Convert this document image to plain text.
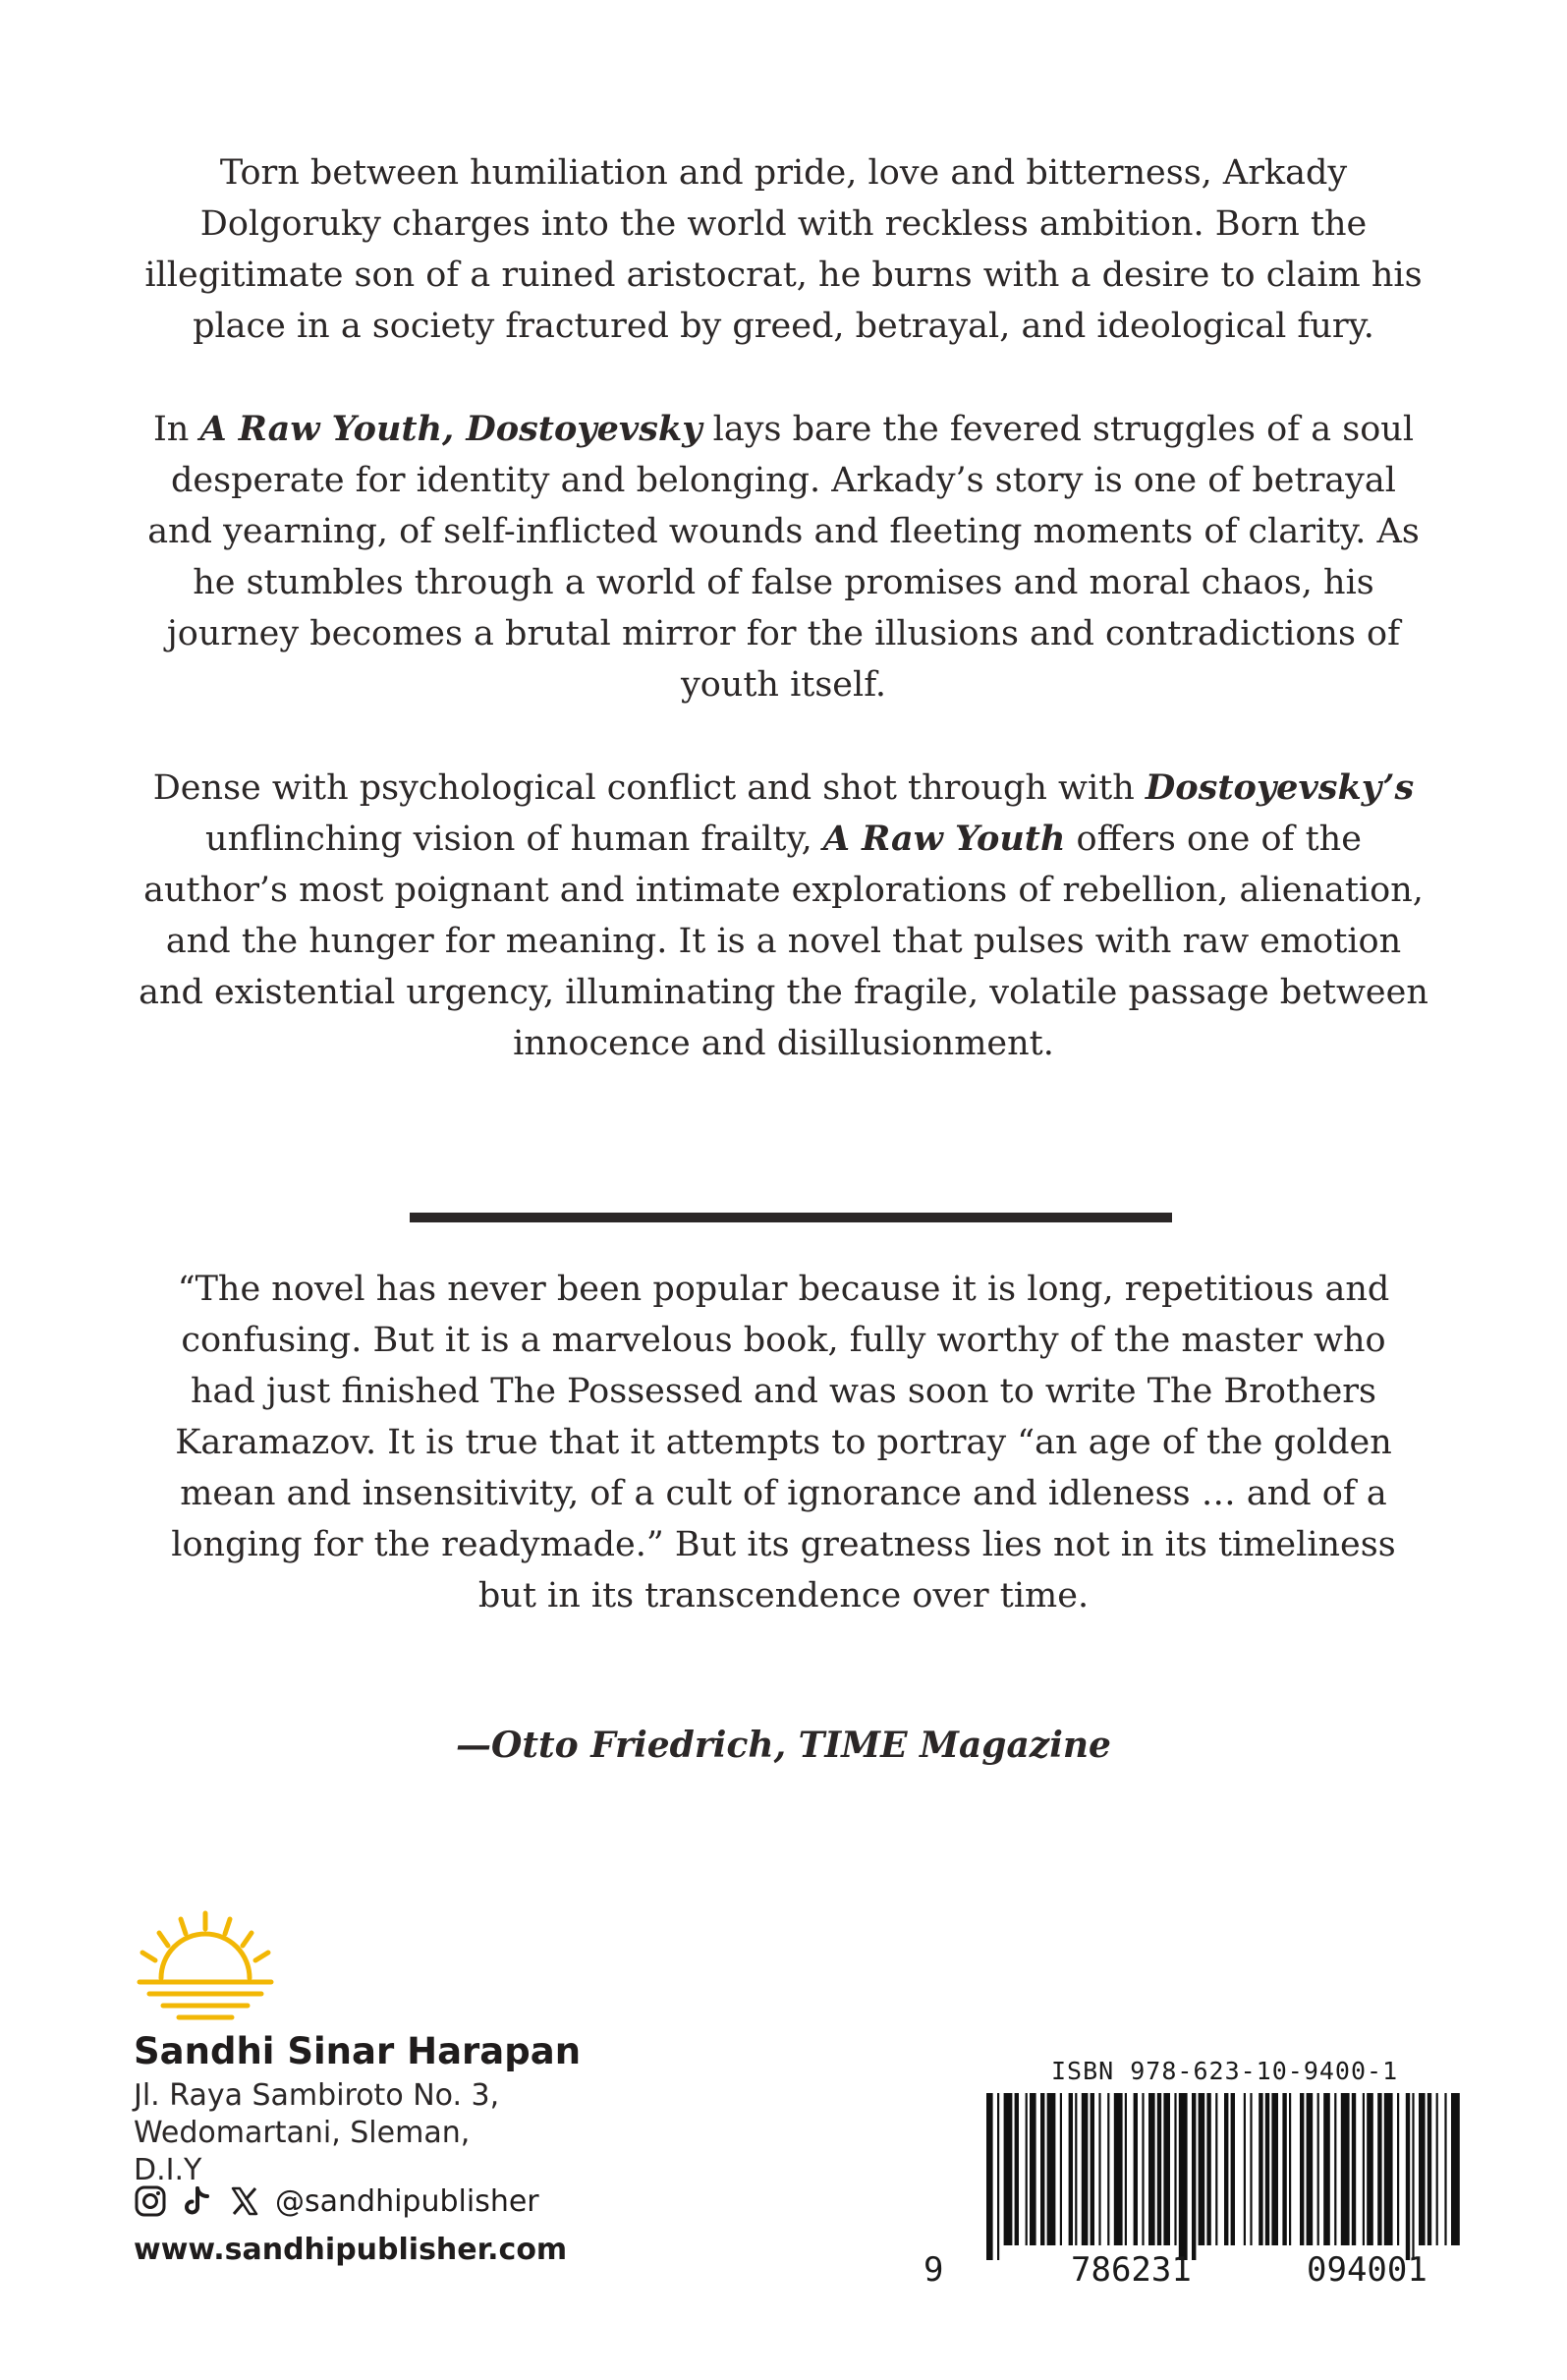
Torn between humiliation and pride, love and bitterness, Arkady Dolgoruky charges into the world with reckless ambition. Born the illegitimate son of a ruined aristocrat, he burns with a desire to claim his place in a society fractured by greed, betrayal, and ideological fury.

In A Raw Youth, Dostoyevsky lays bare the fevered struggles of a soul desperate for identity and belonging. Arkady’s story is one of betrayal and yearning, of self-inflicted wounds and fleeting moments of clarity. As he stumbles through a world of false promises and moral chaos, his journey becomes a brutal mirror for the illusions and contradictions of youth itself.

Dense with psychological conflict and shot through with Dostoyevsky’s unflinching vision of human frailty, A Raw Youth offers one of the author’s most poignant and intimate explorations of rebellion, alienation, and the hunger for meaning. It is a novel that pulses with raw emotion and existential urgency, illuminating the fragile, volatile passage between innocence and disillusionment.

“The novel has never been popular because it is long, repetitious and confusing. But it is a marvelous book, fully worthy of the master who had just finished The Possessed and was soon to write The Brothers Karamazov. It is true that it attempts to portray “an age of the golden mean and insensitivity, of a cult of ignorance and idleness … and of a longing for the readymade.” But its greatness lies not in its timeliness but in its transcendence over time.

—Otto Friedrich, TIME Magazine
Sandhi Sinar Harapan
Jl. Raya Sambiroto No. 3,
Wedomartani, Sleman,
D.I.Y
@sandhipublisher
www.sandhipublisher.com
ISBN 978-623-10-9400-1
9	786231	094001
